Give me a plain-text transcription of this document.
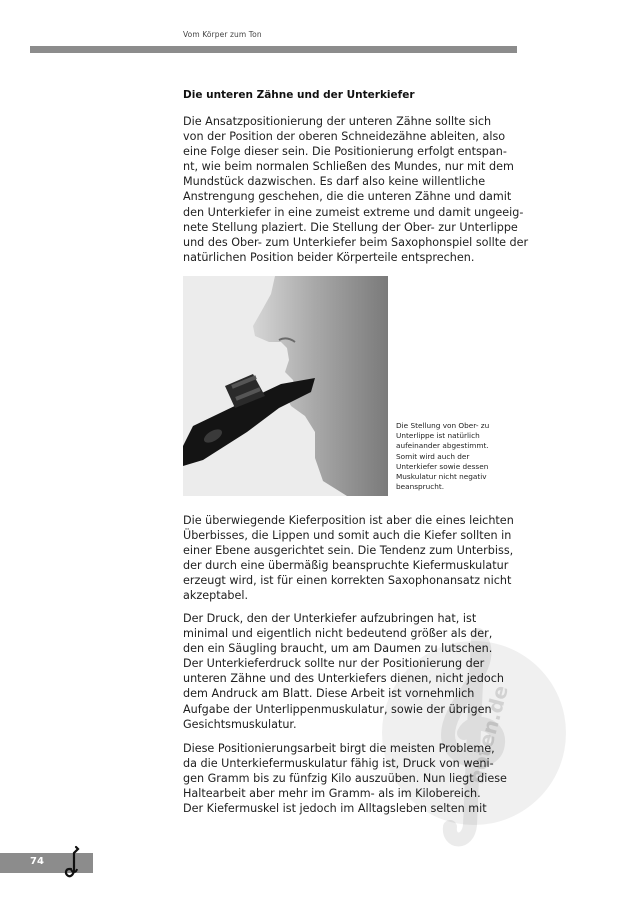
Vom Körper zum Ton
Die unteren Zähne und der Unterkiefer

Die Ansatzpositionierung der unteren Zähne sollte sich
von der Position der oberen Schneidezähne ableiten, also
eine Folge dieser sein. Die Positionierung erfolgt entspan-
nt, wie beim normalen Schließen des Mundes, nur mit dem
Mundstück dazwischen. Es darf also keine willentliche
Anstrengung geschehen, die die unteren Zähne und damit
den Unterkiefer in eine zumeist extreme und damit ungeeig-
nete Stellung plaziert. Die Stellung der Ober- zur Unterlippe
und des Ober- zum Unterkiefer beim Saxophonspiel sollte der
natürlichen Position beider Körperteile entsprechen.

Die Stellung von Ober- zu
Unterlippe ist natürlich
aufeinander abgestimmt.
Somit wird auch der
Unterkiefer sowie dessen
Muskulatur nicht negativ
beansprucht.

Die überwiegende Kieferposition ist aber die eines leichten
Überbisses, die Lippen und somit auch die Kiefer sollten in
einer Ebene ausgerichtet sein. Die Tendenz zum Unterbiss,
der durch eine übermäßig beanspruchte Kiefermuskulatur
erzeugt wird, ist für einen korrekten Saxophonansatz nicht
akzeptabel.

Der Druck, den der Unterkiefer aufzubringen hat, ist
minimal und eigentlich nicht bedeutend größer als der,
den ein Säugling braucht, um am Daumen zu lutschen.
Der Unterkieferdruck sollte nur der Positionierung der
unteren Zähne und des Unterkiefers dienen, nicht jedoch
dem Andruck am Blatt. Diese Arbeit ist vornehmlich
Aufgabe der Unterlippenmuskulatur, sowie der übrigen
Gesichtsmuskulatur.

Diese Positionierungsarbeit birgt die meisten Probleme,
da die Unterkiefermuskulatur fähig ist, Druck von weni-
gen Gramm bis zu fünfzig Kilo auszuüben. Nun liegt diese
Haltearbeit aber mehr im Gramm- als im Kilobereich.
Der Kiefermuskel ist jedoch im Alltagsleben selten mit

noten.de
74
